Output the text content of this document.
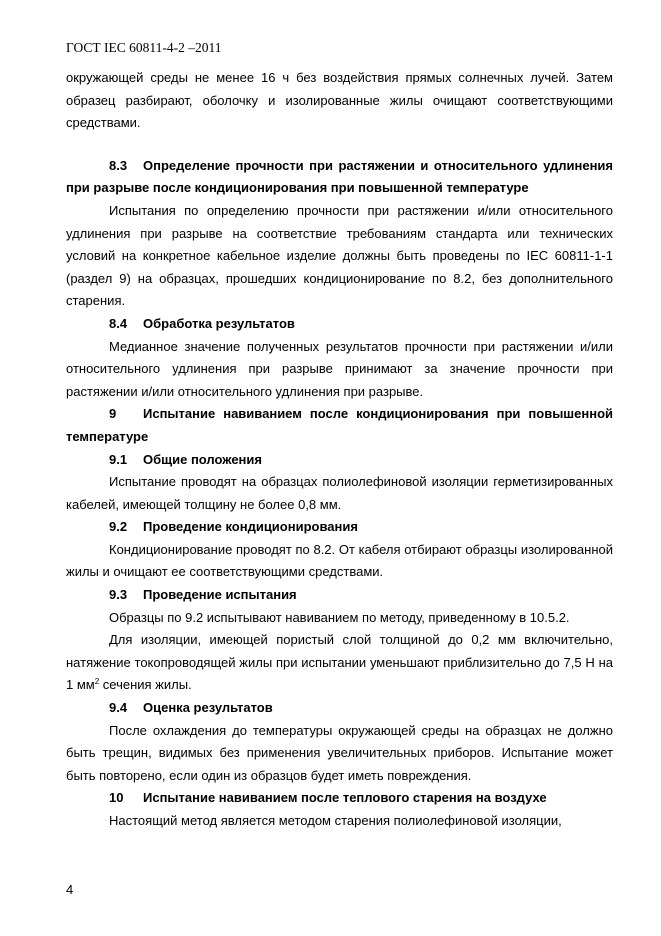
ГОСТ IEC 60811-4-2 –2011

окружающей среды не менее 16 ч без воздействия прямых солнечных лучей. Затем образец разбирают, оболочку и изолированные жилы очищают соответствующими средствами.

8.3 Определение прочности при растяжении и относительного удлинения при разрыве после кондиционирования при повышенной температуре

Испытания по определению прочности при растяжении и/или относительного удлинения при разрыве на соответствие требованиям стандарта или технических условий на конкретное кабельное изделие должны быть проведены по IEC 60811-1-1 (раздел 9) на образцах, прошедших кондиционирование по 8.2, без дополнительного старения.

8.4 Обработка результатов

Медианное значение полученных результатов прочности при растяжении и/или относительного удлинения при разрыве принимают за значение прочности при растяжении и/или относительного удлинения при разрыве.

9 Испытание навиванием после кондиционирования при повышенной температуре

9.1 Общие положения

Испытание проводят на образцах полиолефиновой изоляции герметизированных кабелей, имеющей толщину не более 0,8 мм.

9.2 Проведение кондиционирования

Кондиционирование проводят по 8.2. От кабеля отбирают образцы изолированной жилы и очищают ее соответствующими средствами.

9.3 Проведение испытания

Образцы по 9.2 испытывают навиванием по методу, приведенному в 10.5.2.

Для изоляции, имеющей пористый слой толщиной до 0,2 мм включительно, натяжение токопроводящей жилы при испытании уменьшают приблизительно до 7,5 Н на 1 $мм^2$ сечения жилы.

9.4 Оценка результатов

После охлаждения до температуры окружающей среды на образцах не должно быть трещин, видимых без применения увеличительных приборов. Испытание может быть повторено, если один из образцов будет иметь повреждения.

10 Испытание навиванием после теплового старения на воздухе

Настоящий метод является методом старения полиолефиновой изоляции,

4
